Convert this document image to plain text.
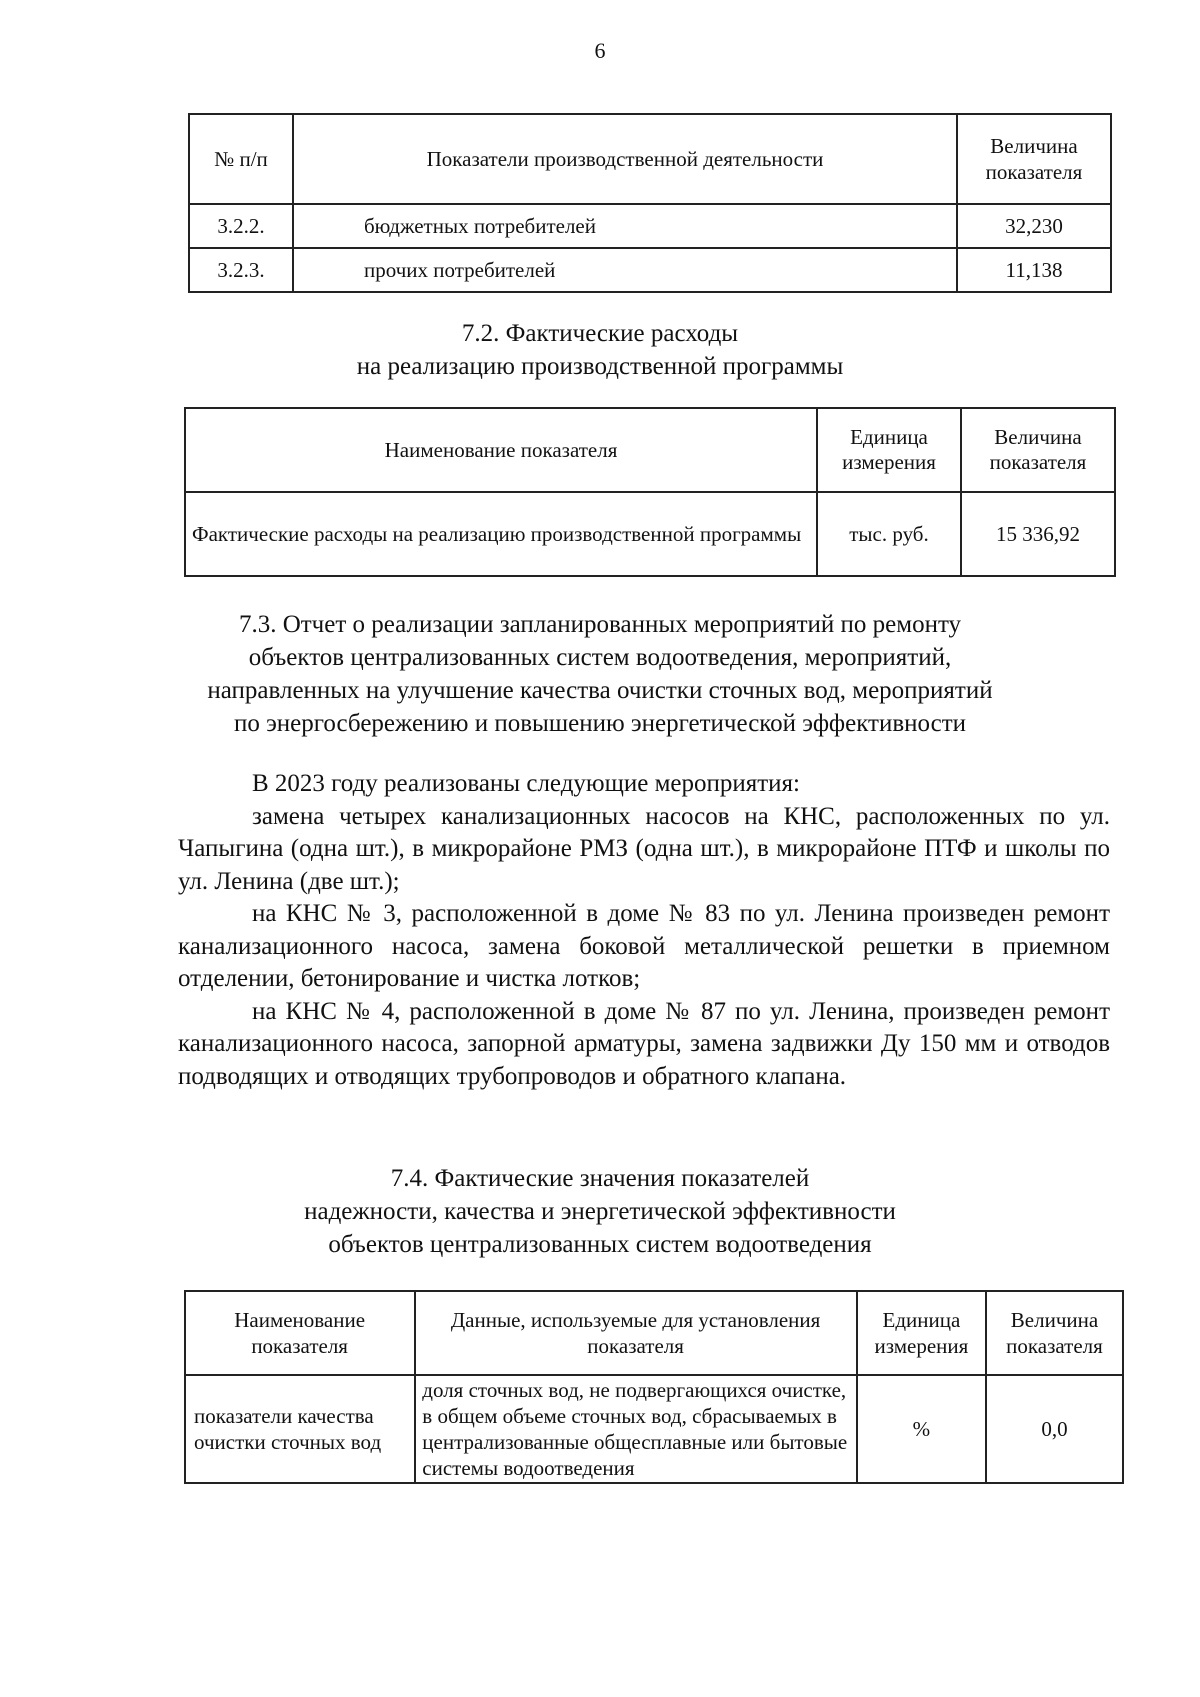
6
№ п/п	Показатели производственной деятельности	Величина показателя
3.2.2.	бюджетных потребителей	32,230
3.2.3.	прочих потребителей	11,138
7.2. Фактические расходы
на реализацию производственной программы
Наименование показателя	Единица измерения	Величина показателя
Фактические расходы на реализацию производственной программы	тыс. руб.	15 336,92
7.3. Отчет о реализации запланированных мероприятий по ремонту
объектов централизованных систем водоотведения, мероприятий,
направленных на улучшение качества очистки сточных вод, мероприятий
по энергосбережению и повышению энергетической эффективности

В 2023 году реализованы следующие мероприятия:

замена четырех канализационных насосов на КНС, расположенных по ул. Чапыгина (одна шт.), в микрорайоне РМЗ (одна шт.), в микрорайоне ПТФ и школы по ул. Ленина (две шт.);

на КНС № 3, расположенной в доме № 83 по ул. Ленина произведен ремонт канализационного насоса, замена боковой металлической решетки в приемном отделении, бетонирование и чистка лотков;

на КНС № 4, расположенной в доме № 87 по ул. Ленина, произведен ремонт канализационного насоса, запорной арматуры, замена задвижки Ду 150 мм и отводов подводящих и отводящих трубопроводов и обратного клапана.

7.4. Фактические значения показателей
надежности, качества и энергетической эффективности
объектов централизованных систем водоотведения
Наименование показателя	Данные, используемые для установления показателя	Единица измерения	Величина показателя
показатели качества очистки сточных вод	доля сточных вод, не подвергающихся очистке, в общем объеме сточных вод, сбрасываемых в централизованные общесплавные или бытовые системы водоотведения	%	0,0
